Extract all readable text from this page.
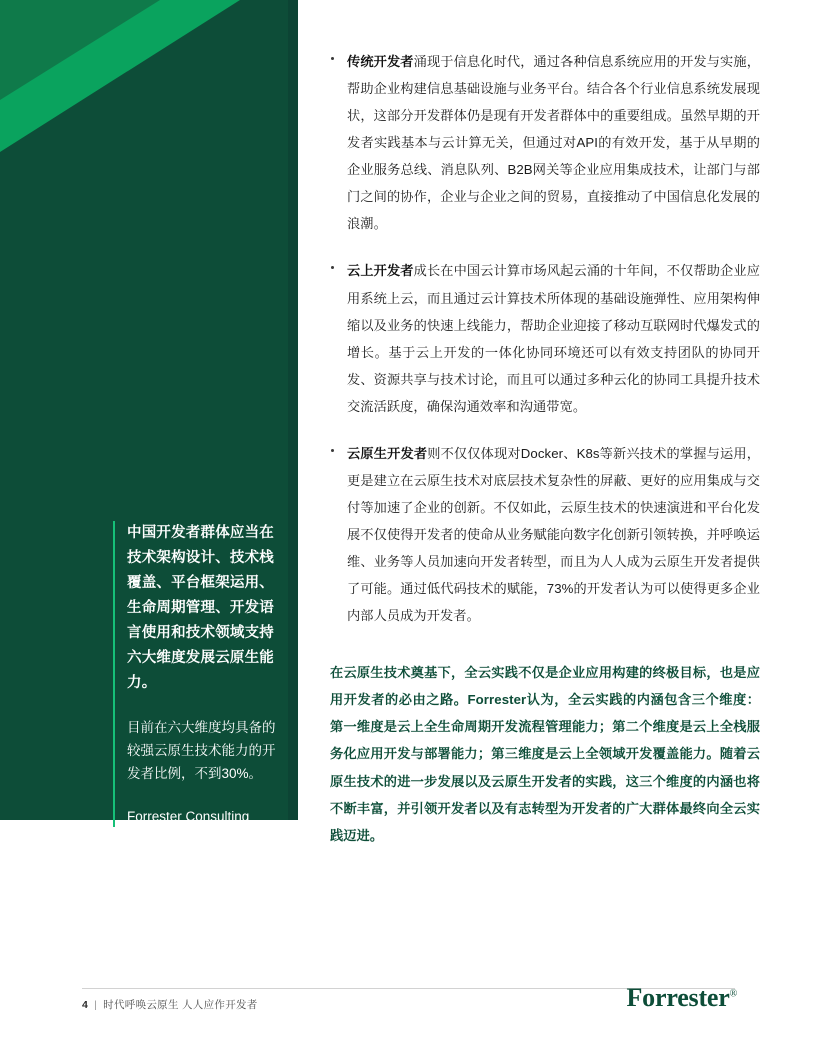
中国开发者群体应当在技术架构设计、技术栈覆盖、平台框架运用、生命周期管理、开发语言使用和技术领域支持六大维度发展云原生能力。

目前在六大维度均具备的较强云原生技术能力的开发者比例，不到30%。

Forrester Consulting

传统开发者涌现于信息化时代，通过各种信息系统应用的开发与实施，帮助企业构建信息基础设施与业务平台。结合各个行业信息系统发展现状，这部分开发群体仍是现有开发者群体中的重要组成。虽然早期的开发者实践基本与云计算无关，但通过对API的有效开发，基于从早期的企业服务总线、消息队列、B2B网关等企业应用集成技术，让部门与部门之间的协作，企业与企业之间的贸易，直接推动了中国信息化发展的浪潮。

云上开发者成长在中国云计算市场风起云涌的十年间，不仅帮助企业应用系统上云，而且通过云计算技术所体现的基础设施弹性、应用架构伸缩以及业务的快速上线能力，帮助企业迎接了移动互联网时代爆发式的增长。基于云上开发的一体化协同环境还可以有效支持团队的协同开发、资源共享与技术讨论，而且可以通过多种云化的协同工具提升技术交流活跃度，确保沟通效率和沟通带宽。

云原生开发者则不仅仅体现对Docker、K8s等新兴技术的掌握与运用，更是建立在云原生技术对底层技术复杂性的屏蔽、更好的应用集成与交付等加速了企业的创新。不仅如此，云原生技术的快速演进和平台化发展不仅使得开发者的使命从业务赋能向数字化创新引领转换，并呼唤运维、业务等人员加速向开发者转型，而且为人人成为云原生开发者提供了可能。通过低代码技术的赋能，73%的开发者认为可以使得更多企业内部人员成为开发者。

在云原生技术奠基下，全云实践不仅是企业应用构建的终极目标，也是应用开发者的必由之路。Forrester认为，全云实践的内涵包含三个维度：第一维度是云上全生命周期开发流程管理能力；第二个维度是云上全栈服务化应用开发与部署能力；第三维度是云上全领域开发覆盖能力。随着云原生技术的进一步发展以及云原生开发者的实践，这三个维度的内涵也将不断丰富，并引领开发者以及有志转型为开发者的广大群体最终向全云实践迈进。

4 | 时代呼唤云原生 人人应作开发者	Forrester®
